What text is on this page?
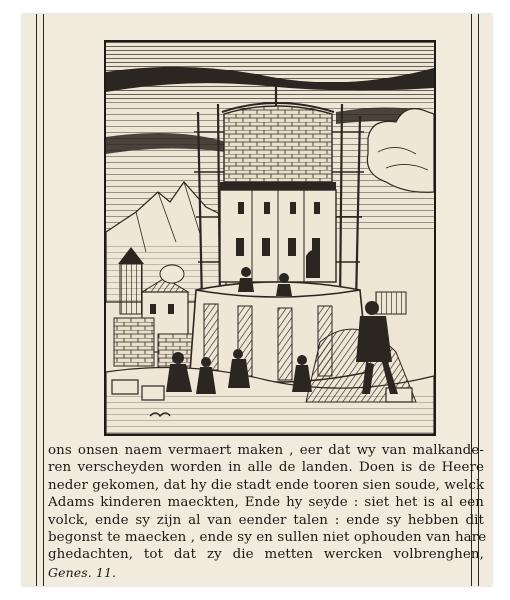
ons onsen naem vermaert maken , eer dat wy van malkande-
ren verscheyden worden in alle de landen. Doen is de Heere
neder gekomen, dat hy die stadt ende tooren sien soude, welck
Adams kinderen maeckten, Ende hy seyde : siet het is al een
volck, ende sy zijn al van eender talen : ende sy hebben dit
begonst te maecken , ende sy en sullen niet ophouden van hare
ghedachten, tot dat zy die metten wercken volbrenghen,
Genes. 11.
